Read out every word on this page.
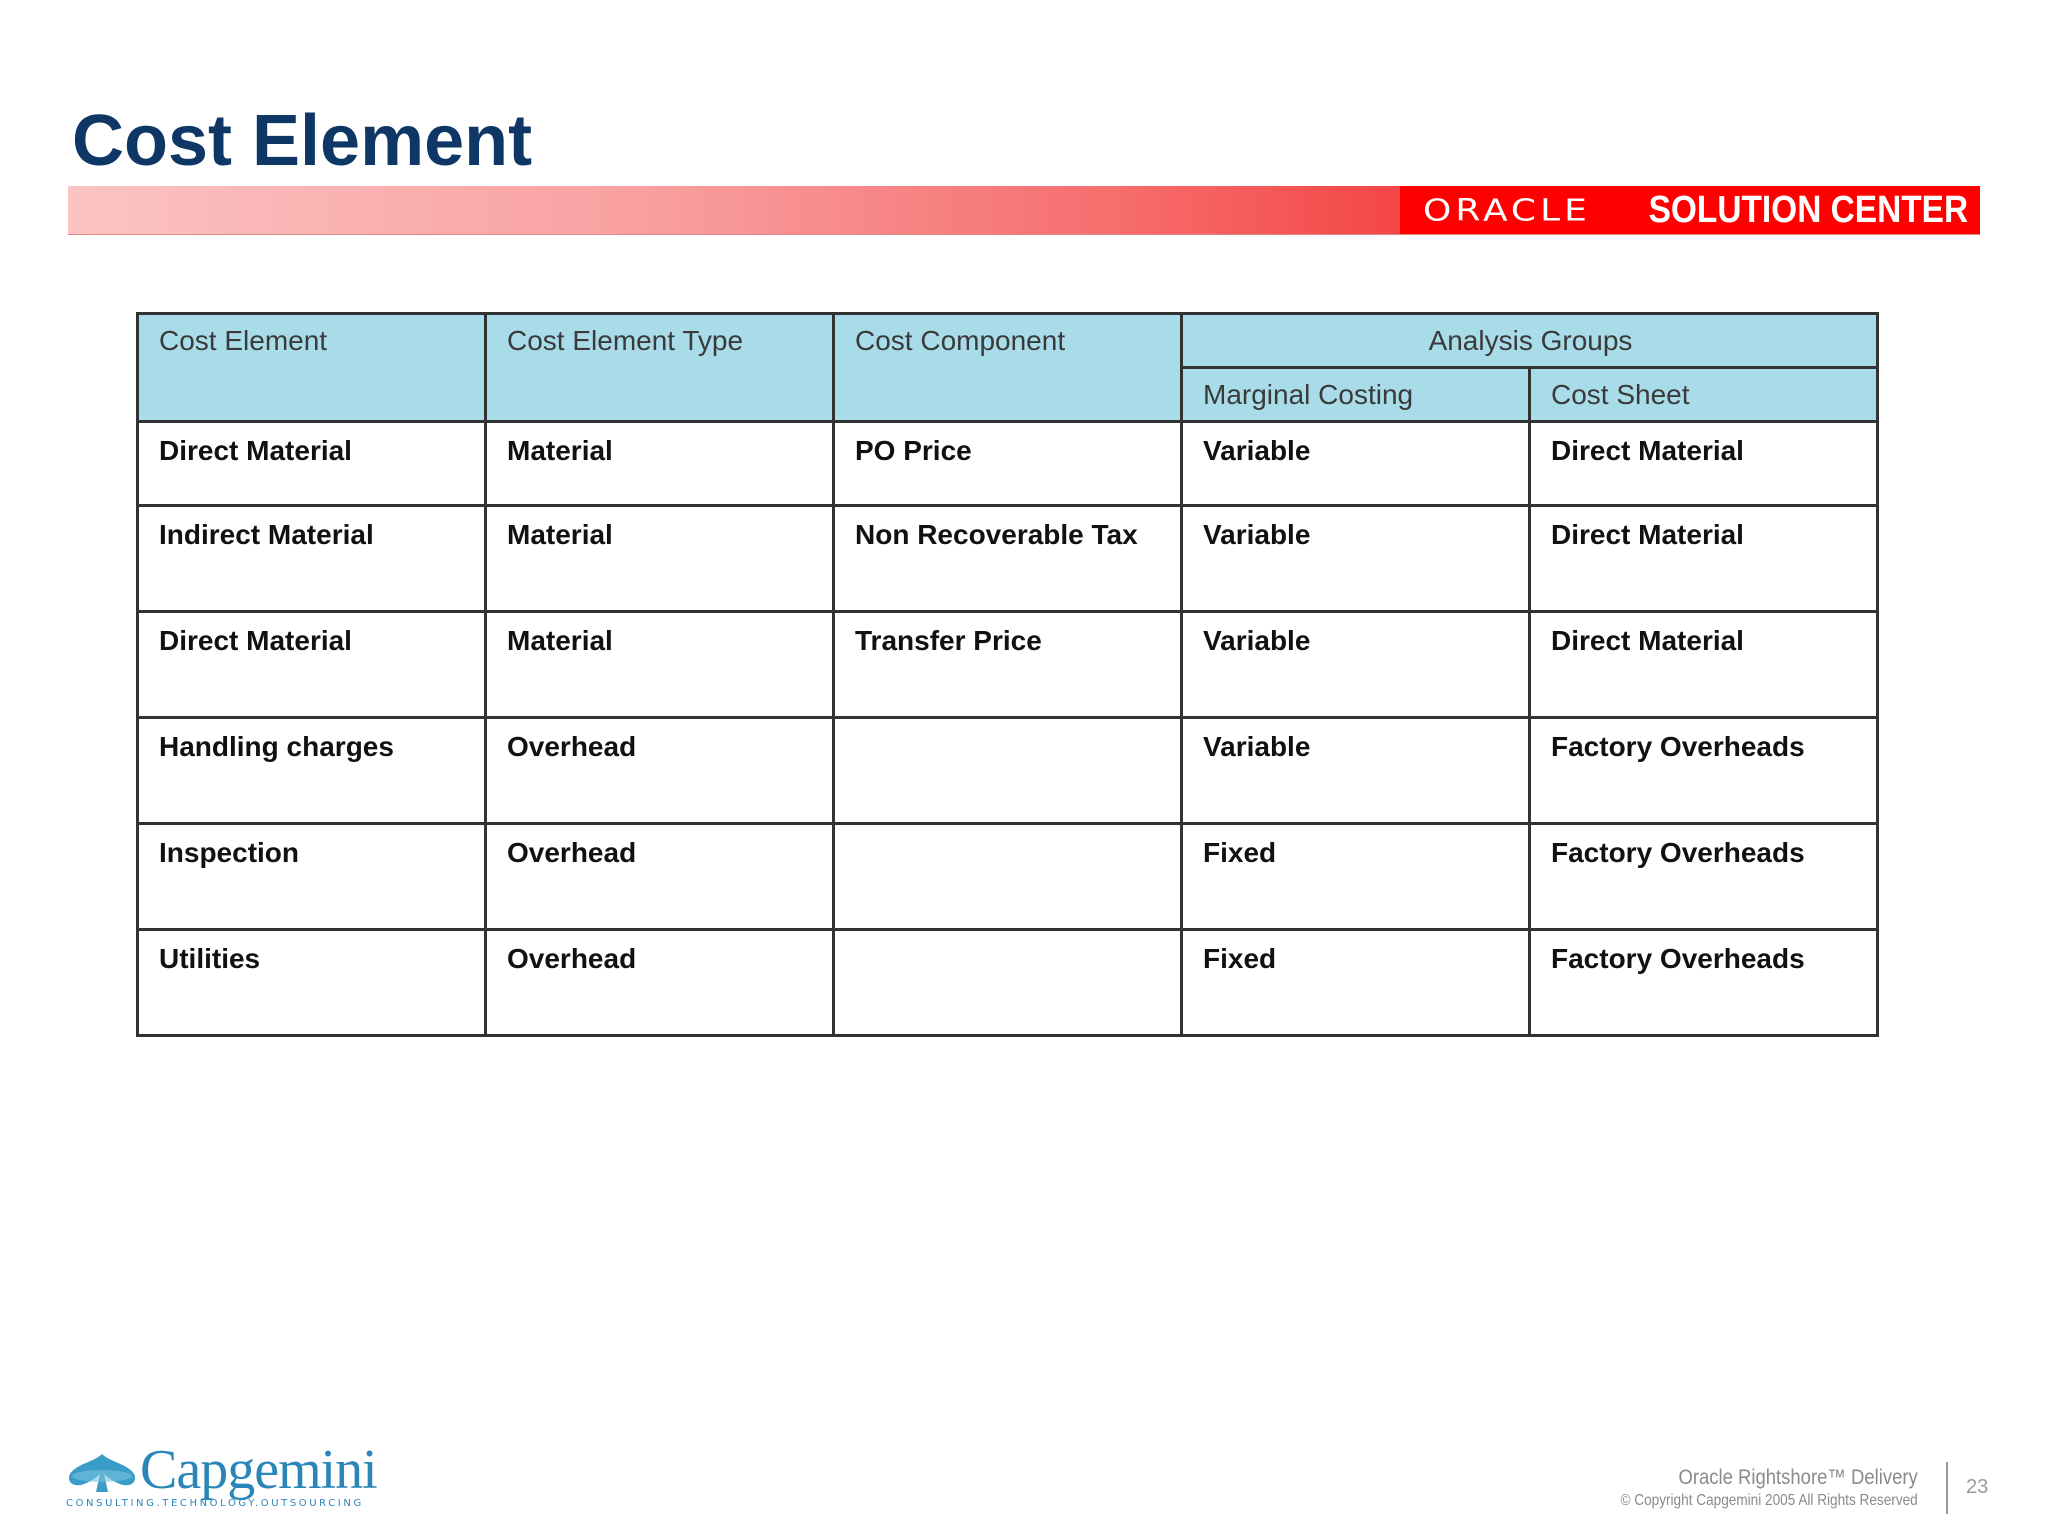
Cost Element
ORACLE SOLUTION CENTER
Cost Element	Cost Element Type	Cost Component	Analysis Groups	
			Marginal Costing	Cost Sheet
Direct Material	Material	PO Price	Variable	Direct Material
Indirect Material	Material	Non Recoverable Tax	Variable	Direct Material
Direct Material	Material	Transfer Price	Variable	Direct Material
Handling charges	Overhead		Variable	Factory Overheads
Inspection	Overhead		Fixed	Factory Overheads
Utilities	Overhead		Fixed	Factory Overheads
Capgemini
CONSULTING.TECHNOLOGY.OUTSOURCING
Oracle Rightshore™ Delivery
© Copyright Capgemini 2005 All Rights Reserved
23
